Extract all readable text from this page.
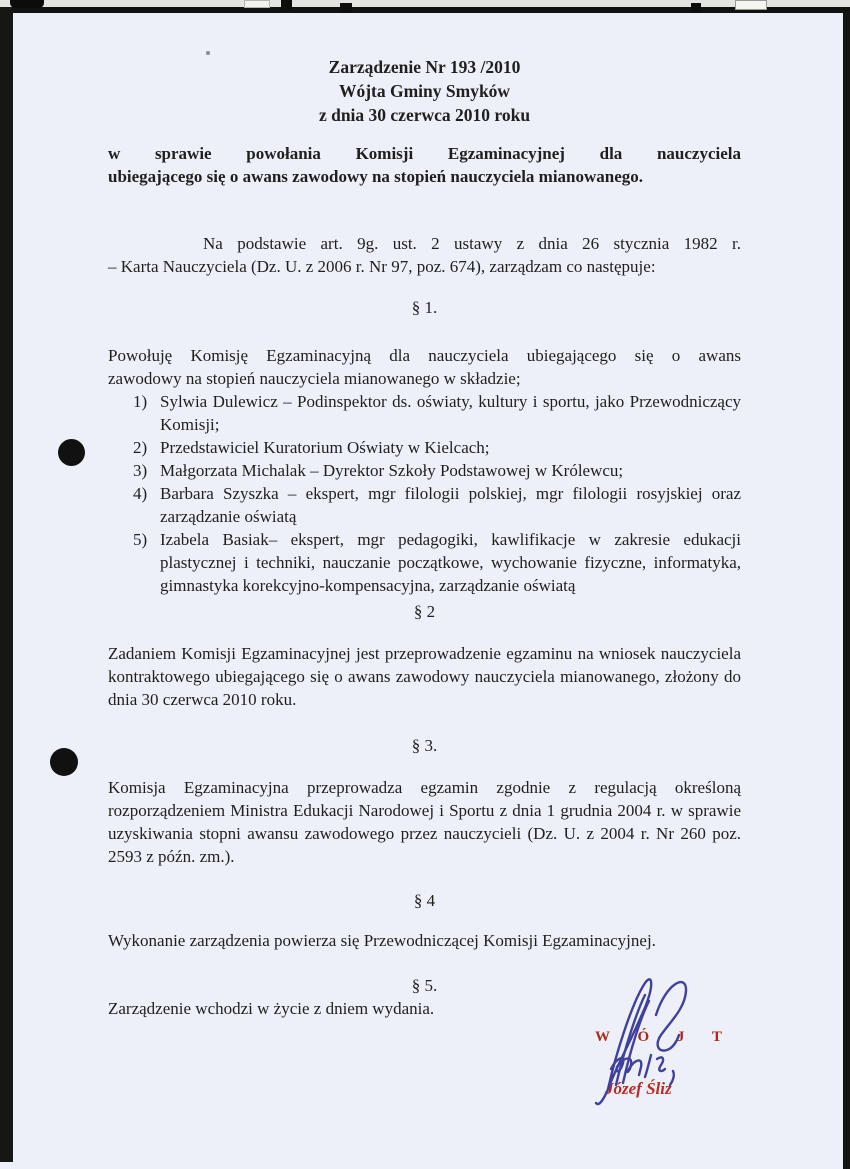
Zarządzenie Nr 193 /2010
Wójta Gminy Smyków
z dnia 30 czerwca 2010 roku
w sprawie powołania Komisji Egzaminacyjnej dla nauczyciela
ubiegającego się o awans zawodowy na stopień nauczyciela mianowanego.
Na podstawie art. 9g. ust. 2 ustawy z dnia 26 stycznia 1982 r.
– Karta Nauczyciela (Dz. U. z 2006 r. Nr 97, poz. 674), zarządzam co następuje:
§ 1.
Powołuję Komisję Egzaminacyjną dla nauczyciela ubiegającego się o awans
zawodowy na stopień nauczyciela mianowanego w składzie;
1) Sylwia Dulewicz – Podinspektor ds. oświaty, kultury i sportu, jako Przewodniczący Komisji;
2) Przedstawiciel Kuratorium Oświaty w Kielcach;
3) Małgorzata Michalak – Dyrektor Szkoły Podstawowej w Królewcu;
4) Barbara Szyszka – ekspert, mgr filologii polskiej, mgr filologii rosyjskiej oraz zarządzanie oświatą
5) Izabela Basiak– ekspert, mgr pedagogiki, kawlifikacje w zakresie edukacji plastycznej i techniki, nauczanie początkowe, wychowanie fizyczne, informatyka, gimnastyka korekcyjno-kompensacyjna, zarządzanie oświatą
§ 2
Zadaniem Komisji Egzaminacyjnej jest przeprowadzenie egzaminu na wniosek nauczyciela kontraktowego ubiegającego się o awans zawodowy nauczyciela mianowanego, złożony do dnia 30 czerwca 2010 roku.
§ 3.
Komisja Egzaminacyjna przeprowadza egzamin zgodnie z regulacją określoną rozporządzeniem Ministra Edukacji Narodowej i Sportu z dnia 1 grudnia 2004 r. w sprawie uzyskiwania stopni awansu zawodowego przez nauczycieli (Dz. U. z 2004 r. Nr 260 poz. 2593 z późn. zm.).
§ 4
Wykonanie zarządzenia powierza się Przewodniczącej Komisji Egzaminacyjnej.
§ 5.
Zarządzenie wchodzi w życie z dniem wydania.
W Ó J T
Józef Śliz
